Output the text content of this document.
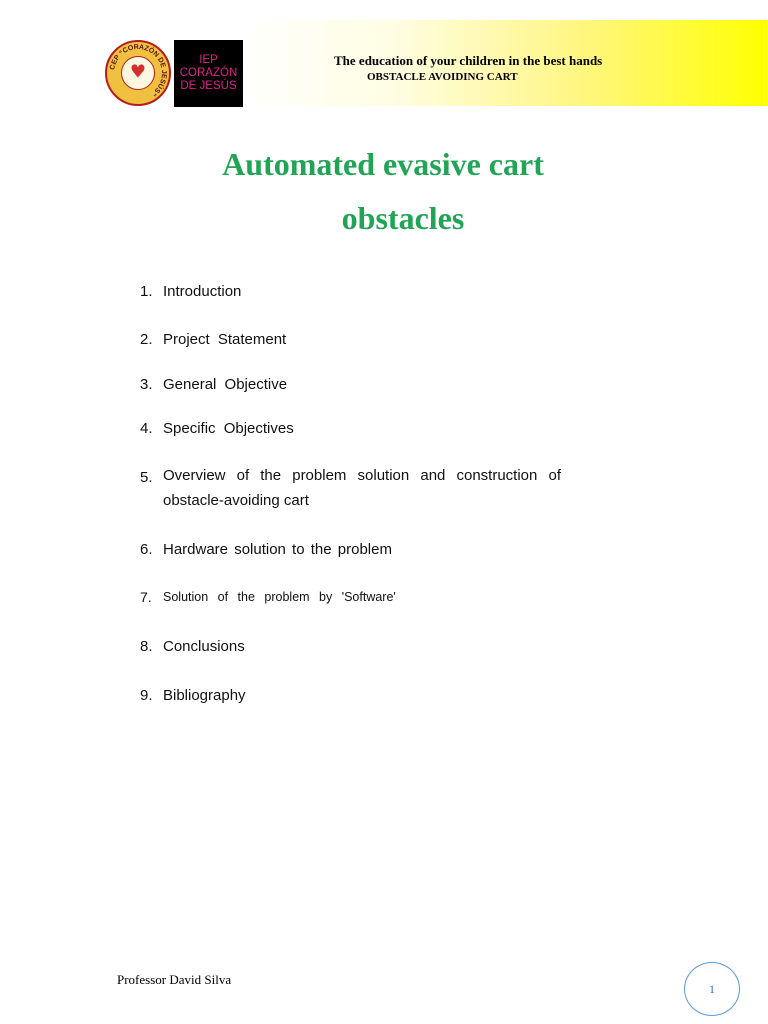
CEP “CORAZÓN DE JESÚS”
♥
IEP
CORAZÓN
DE JESÚS
The education of your children in the best hands
OBSTACLE AVOIDING CART
Automated evasive cart
obstacles
1. Introduction
2. Project Statement
3. General Objective
4. Specific Objectives
5. Overview of the problem solution and construction of obstacle-avoiding cart
6. Hardware solution to the problem
7. Solution of the problem by 'Software'
8. Conclusions
9. Bibliography
Professor David Silva
1
